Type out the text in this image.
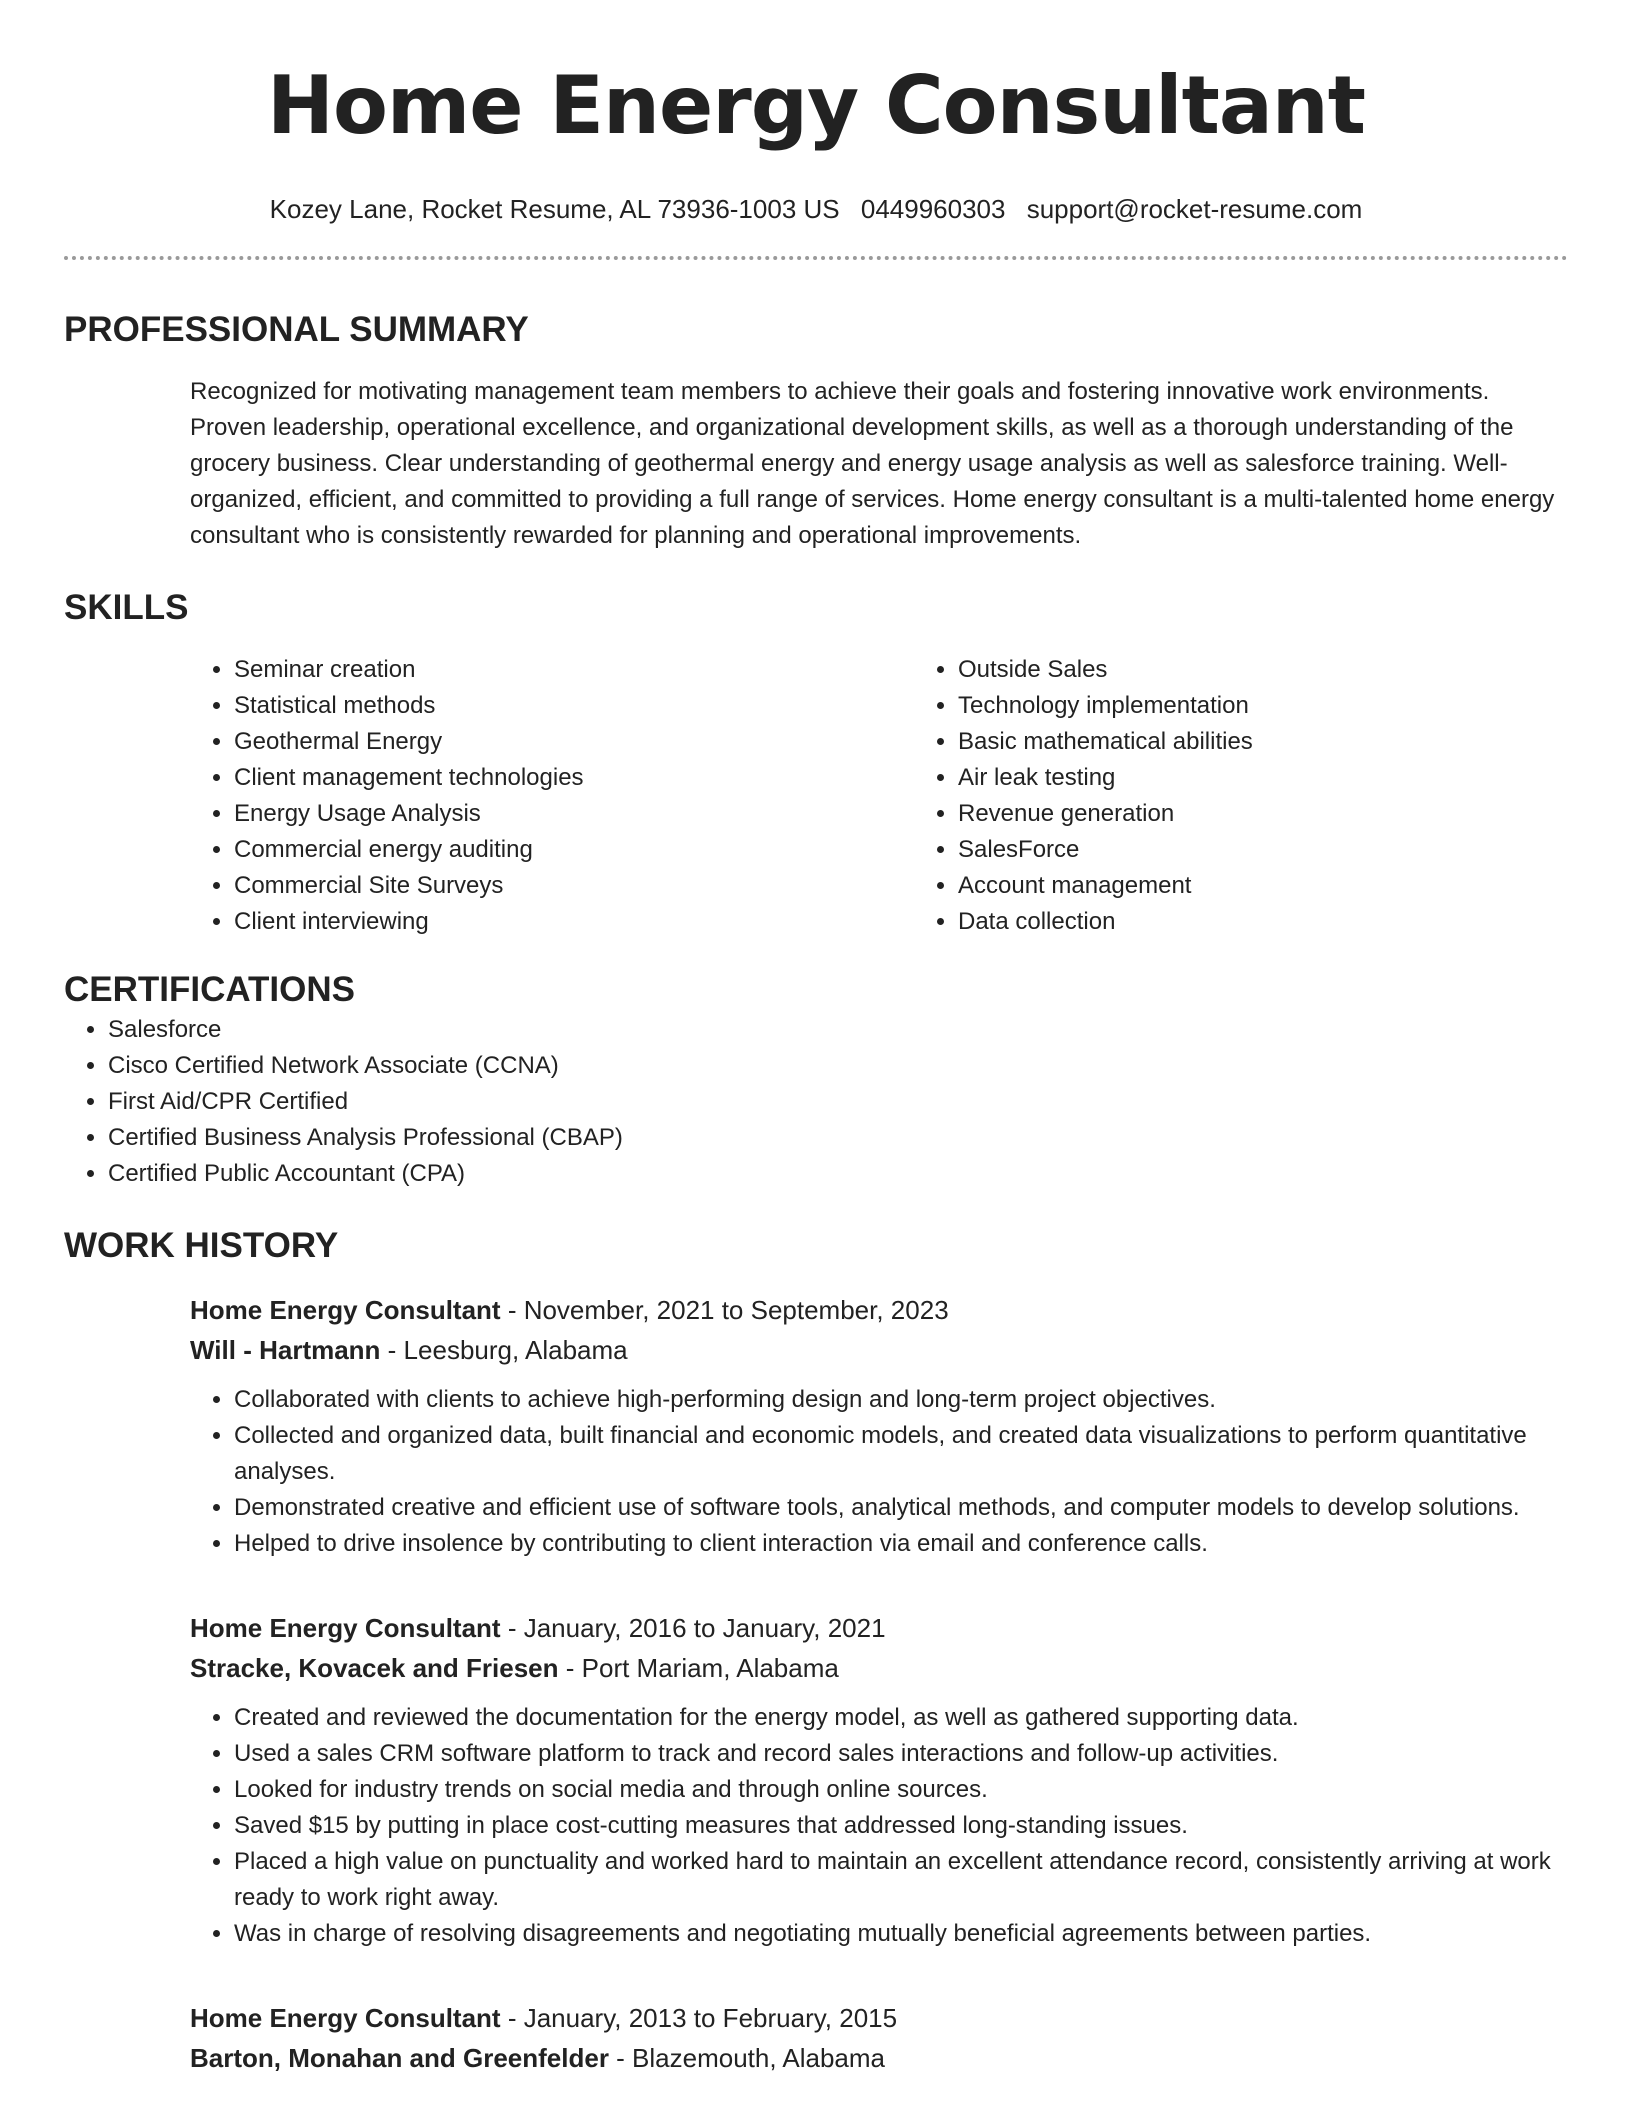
Home Energy Consultant
Kozey Lane, Rocket Resume, AL 73936-1003 US 0449960303 support@rocket-resume.com
PROFESSIONAL SUMMARY

Recognized for motivating management team members to achieve their goals and fostering innovative work environments. Proven leadership, operational excellence, and organizational development skills, as well as a thorough understanding of the grocery business. Clear understanding of geothermal energy and energy usage analysis as well as salesforce training. Well-organized, efficient, and committed to providing a full range of services. Home energy consultant is a multi-talented home energy consultant who is consistently rewarded for planning and operational improvements.

SKILLS
• Seminar creation
• Statistical methods
• Geothermal Energy
• Client management technologies
• Energy Usage Analysis
• Commercial energy auditing
• Commercial Site Surveys
• Client interviewing
• Outside Sales
• Technology implementation
• Basic mathematical abilities
• Air leak testing
• Revenue generation
• SalesForce
• Account management
• Data collection
CERTIFICATIONS
• Salesforce
• Cisco Certified Network Associate (CCNA)
• First Aid/CPR Certified
• Certified Business Analysis Professional (CBAP)
• Certified Public Accountant (CPA)
WORK HISTORY
Home Energy Consultant - November, 2021 to September, 2023
Will - Hartmann - Leesburg, Alabama
• Collaborated with clients to achieve high-performing design and long-term project objectives.
• Collected and organized data, built financial and economic models, and created data visualizations to perform quantitative analyses.
• Demonstrated creative and efficient use of software tools, analytical methods, and computer models to develop solutions.
• Helped to drive insolence by contributing to client interaction via email and conference calls.
Home Energy Consultant - January, 2016 to January, 2021
Stracke, Kovacek and Friesen - Port Mariam, Alabama
• Created and reviewed the documentation for the energy model, as well as gathered supporting data.
• Used a sales CRM software platform to track and record sales interactions and follow-up activities.
• Looked for industry trends on social media and through online sources.
• Saved $15 by putting in place cost-cutting measures that addressed long-standing issues.
• Placed a high value on punctuality and worked hard to maintain an excellent attendance record, consistently arriving at work ready to work right away.
• Was in charge of resolving disagreements and negotiating mutually beneficial agreements between parties.
Home Energy Consultant - January, 2013 to February, 2015
Barton, Monahan and Greenfelder - Blazemouth, Alabama
